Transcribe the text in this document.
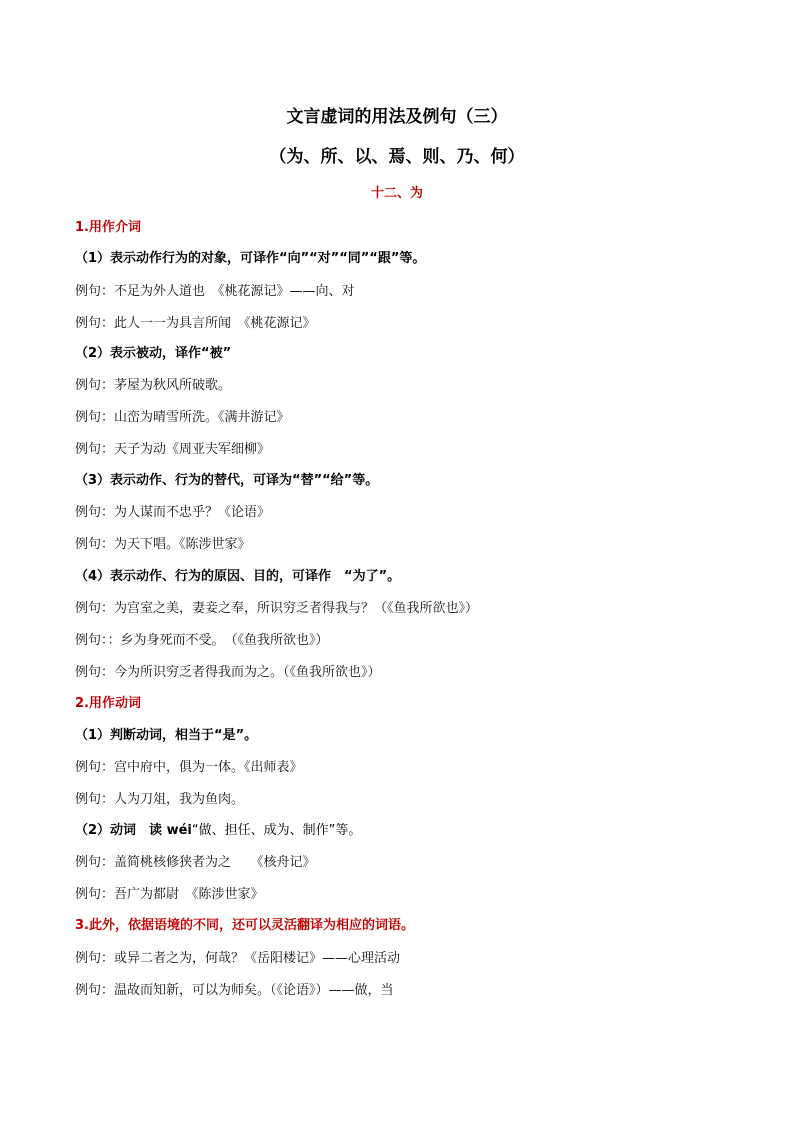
文言虚词的用法及例句（三）
（为、所、以、焉、则、乃、何）
十二、为
1.用作介词
（1）表示动作行为的对象，可译作“向”“对”“同”“跟”等。
例句：不足为外人道也　《桃花源记》——向、对
例句：此人一一为具言所闻　《桃花源记》
（2）表示被动，译作“被”
例句：茅屋为秋风所破歌。
例句：山峦为晴雪所洗。《满井游记》
例句：天子为动《周亚夫军细柳》
（3）表示动作、行为的替代，可译为“替”“给”等。
例句：为人谋而不忠乎？《论语》
例句：为天下唱。《陈涉世家》
（4）表示动作、行为的原因、目的，可译作　“为了”。
例句：为宫室之美，妻妾之奉，所识穷乏者得我与？（《鱼我所欲也》）
例句：：乡为身死而不受。　（《鱼我所欲也》）
例句：今为所识穷乏者得我而为之。（《鱼我所欲也》）
2.用作动词
（1）判断动词，相当于“是”。
例句：宫中府中，俱为一体。《出师表》
例句：人为刀俎，我为鱼肉。
（2）动词　读 wéi“做、担任、成为、制作”等。
例句：盖简桃核修狭者为之　　《核舟记》
例句：吾广为都尉　《陈涉世家》
3.此外，依据语境的不同，还可以灵活翻译为相应的词语。
例句：或异二者之为，何哉？《岳阳楼记》——心理活动
例句：温故而知新，可以为师矣。（《论语》）——做，当
